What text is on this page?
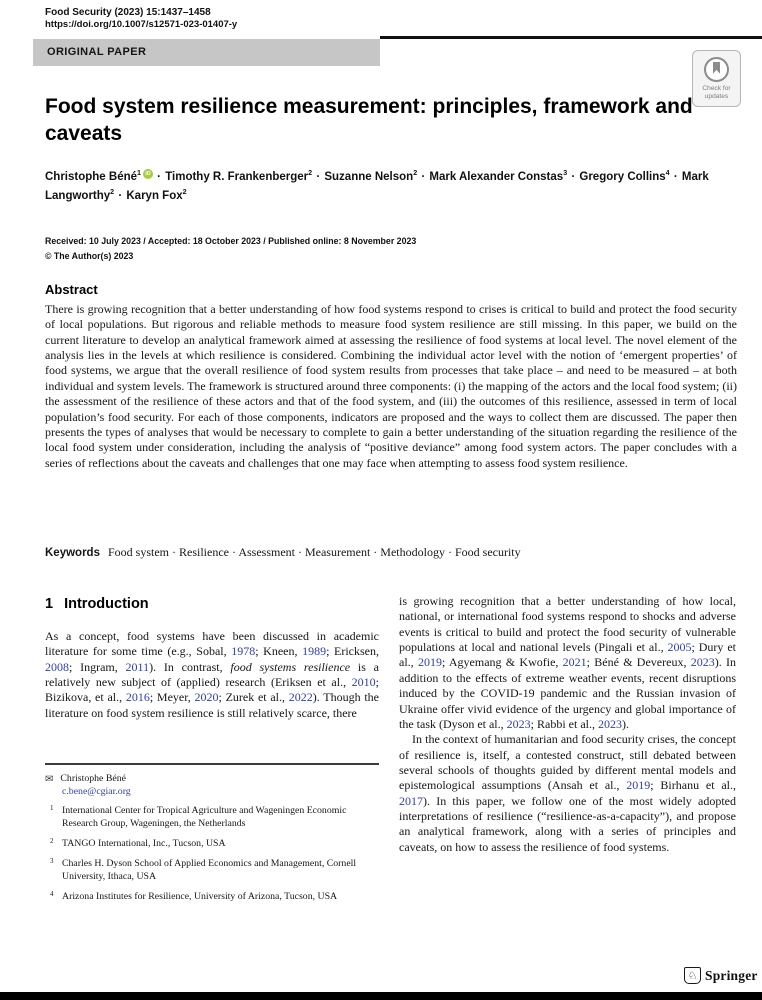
Food Security (2023) 15:1437–1458
https://doi.org/10.1007/s12571-023-01407-y
ORIGINAL PAPER
Check for
updates
Food system resilience measurement: principles, framework and caveats
Christophe Béné$^1$ iD · Timothy R. Frankenberger$^2$ · Suzanne Nelson$^2$ · Mark Alexander Constas$^3$ · Gregory Collins$^4$ · Mark Langworthy$^2$ · Karyn Fox$^2$
Received: 10 July 2023 / Accepted: 18 October 2023 / Published online: 8 November 2023
© The Author(s) 2023
Abstract

There is growing recognition that a better understanding of how food systems respond to crises is critical to build and protect the food security of local populations. But rigorous and reliable methods to measure food system resilience are still missing. In this paper, we build on the current literature to develop an analytical framework aimed at assessing the resilience of food systems at local level. The novel element of the analysis lies in the levels at which resilience is considered. Combining the individual actor level with the notion of ‘emergent properties’ of food systems, we argue that the overall resilience of food system results from processes that take place – and need to be measured – at both individual and system levels. The framework is structured around three components: (i) the mapping of the actors and the local food system; (ii) the assessment of the resilience of these actors and that of the food system, and (iii) the outcomes of this resilience, assessed in term of local population’s food security. For each of those components, indicators are proposed and the ways to collect them are discussed. The paper then presents the types of analyses that would be necessary to complete to gain a better understanding of the situation regarding the resilience of the local food system under consideration, including the analysis of “positive deviance” among food system actors. The paper concludes with a series of reflections about the caveats and challenges that one may face when attempting to assess food system resilience.

Keywords Food system · Resilience · Assessment · Measurement · Methodology · Food security
1 Introduction

As a concept, food systems have been discussed in academic literature for some time (e.g., Sobal, 1978; Kneen, 1989; Ericksen, 2008; Ingram, 2011). In contrast, food systems resilience is a relatively new subject of (applied) research (Eriksen et al., 2010; Bizikova, et al., 2016; Meyer, 2020; Zurek et al., 2022). Though the literature on food system resilience is still relatively scarce, there

✉ Christophe Béné
c.bene@cgiar.org
1 International Center for Tropical Agriculture and Wageningen Economic Research Group, Wageningen, the Netherlands
2 TANGO International, Inc., Tucson, USA
3 Charles H. Dyson School of Applied Economics and Management, Cornell University, Ithaca, USA
4 Arizona Institutes for Resilience, University of Arizona, Tucson, USA

is growing recognition that a better understanding of how local, national, or international food systems respond to shocks and adverse events is critical to build and protect the food security of vulnerable populations at local and national levels (Pingali et al., 2005; Dury et al., 2019; Agyemang & Kwofie, 2021; Béné & Devereux, 2023). In addition to the effects of extreme weather events, recent disruptions induced by the COVID-19 pandemic and the Russian invasion of Ukraine offer vivid evidence of the urgency and global importance of the task (Dyson et al., 2023; Rabbi et al., 2023).

In the context of humanitarian and food security crises, the concept of resilience is, itself, a contested construct, still debated between several schools of thoughts guided by different mental models and epistemological assumptions (Ansah et al., 2019; Birhanu et al., 2017). In this paper, we follow one of the most widely adopted interpretations of resilience (“resilience-as-a-capacity”), and propose an analytical framework, along with a series of principles and caveats, on how to assess the resilience of food systems.

♘ Springer
